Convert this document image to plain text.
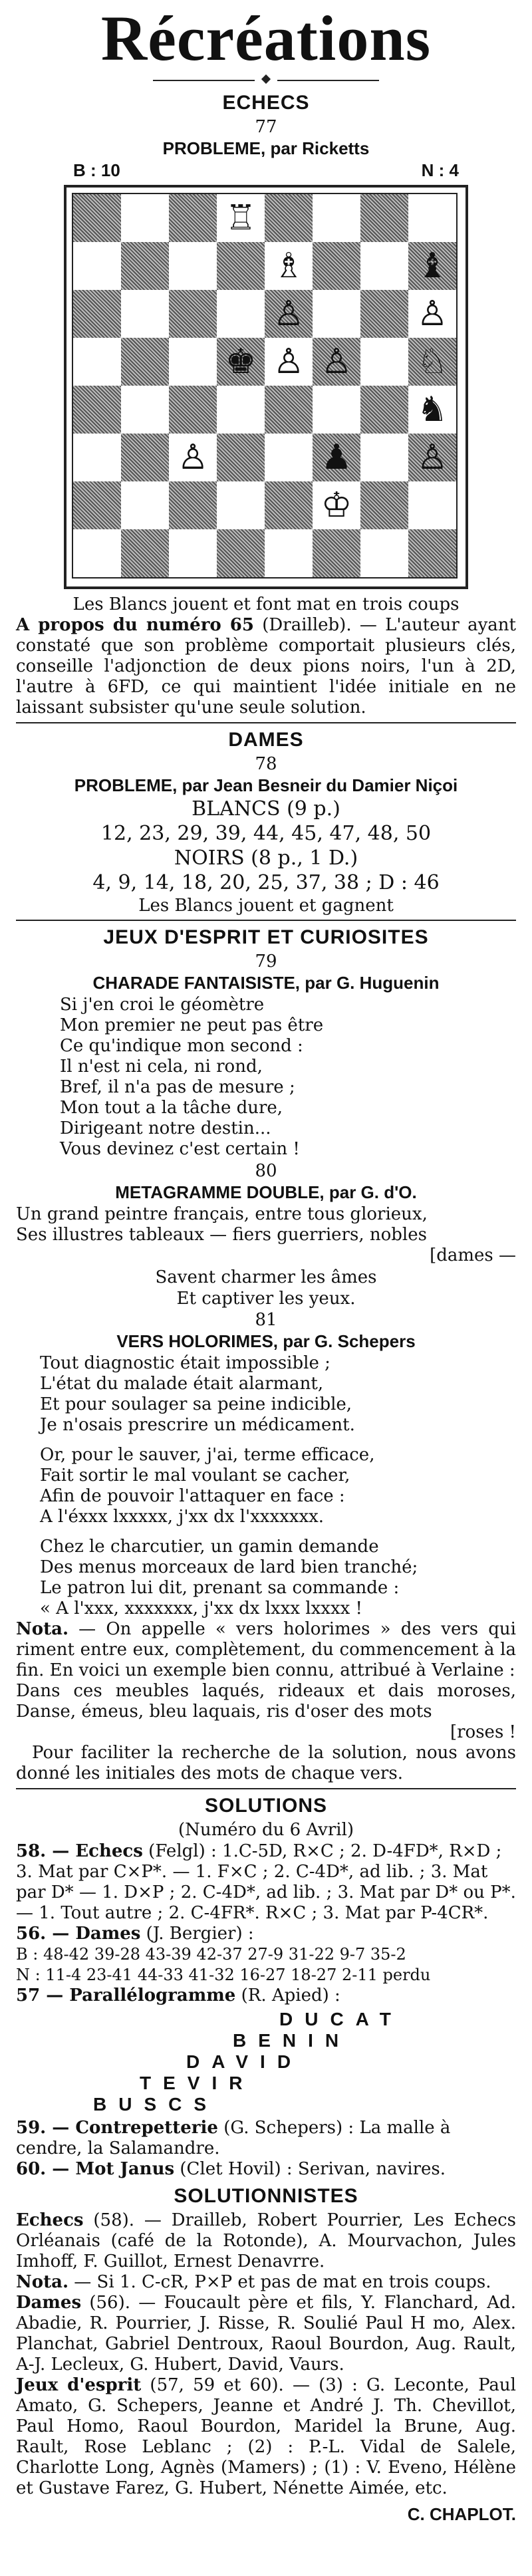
Récréations
ECHECS
77
PROBLEME, par Ricketts
B : 10	N : 4
♖
♗	♝
♙	♙
♚ ♙ ♙ ♘
♞
♙	♟ ♙
♔
Les Blancs jouent et font mat en trois coups
A propos du numéro 65 (Drailleb). — L'auteur ayant constaté que son problème comportait plusieurs clés, conseille l'adjonction de deux pions noirs, l'un à 2D, l'autre à 6FD, ce qui maintient l'idée initiale en ne laissant subsister qu'une seule solution.
DAMES
78
PROBLEME, par Jean Besneir du Damier Niçoi
BLANCS (9 p.)
12, 23, 29, 39, 44, 45, 47, 48, 50
NOIRS (8 p., 1 D.)
4, 9, 14, 18, 20, 25, 37, 38 ; D : 46
Les Blancs jouent et gagnent
JEUX D'ESPRIT ET CURIOSITES
79
CHARADE FANTAISISTE, par G. Huguenin
Si j'en croi le géomètre
Mon premier ne peut pas être
Ce qu'indique mon second :
Il n'est ni cela, ni rond,
Bref, il n'a pas de mesure ;
Mon tout a la tâche dure,
Dirigeant notre destin...
Vous devinez c'est certain !
80
METAGRAMME DOUBLE, par G. d'O.
Un grand peintre français, entre tous glorieux,
Ses illustres tableaux — fiers guerriers, nobles
[dames —
Savent charmer les âmes
Et captiver les yeux.
81
VERS HOLORIMES, par G. Schepers
Tout diagnostic était impossible ;
L'état du malade était alarmant,
Et pour soulager sa peine indicible,
Je n'osais prescrire un médicament.
Or, pour le sauver, j'ai, terme efficace,
Fait sortir le mal voulant se cacher,
Afin de pouvoir l'attaquer en face :
A l'éxxx lxxxxx, j'xx dx l'xxxxxxx.
Chez le charcutier, un gamin demande
Des menus morceaux de lard bien tranché;
Le patron lui dit, prenant sa commande :
« A l'xxx, xxxxxxx, j'xx dx lxxx lxxxx !
Nota. — On appelle « vers holorimes » des vers qui riment entre eux, complètement, du commencement à la fin. En voici un exemple bien connu, attribué à Verlaine :
Dans ces meubles laqués, rideaux et dais moroses, Danse, émeus, bleu laquais, ris d'oser des mots
[roses !
Pour faciliter la recherche de la solution, nous avons donné les initiales des mots de chaque vers.
SOLUTIONS
(Numéro du 6 Avril)
58. — Echecs (Felgl) : 1.C-5D, R×C ; 2. D-4FD*, R×D ; 3. Mat par C×P*. — 1. F×C ; 2. C-4D*, ad lib. ; 3. Mat par D* — 1. D×P ; 2. C-4D*, ad lib. ; 3. Mat par D* ou P*. — 1. Tout autre ; 2. C-4FR*. R×C ; 3. Mat par P-4CR*.
56. — Dames (J. Bergier) :
B : 48-42 39-28 43-39 42-37 27-9 31-22 9-7 35-2
N : 11-4 23-41 44-33 41-32 16-27 18-27 2-11 perdu
57 — Parallélogramme (R. Apied) :
DUCAT
BENIN
DAVID
TEVIR
BUSCS
59. — Contrepetterie (G. Schepers) : La malle à cendre, la Salamandre.
60. — Mot Janus (Clet Hovil) : Serivan, navires.
SOLUTIONNISTES
Echecs (58). — Drailleb, Robert Pourrier, Les Echecs Orléanais (café de la Rotonde), A. Mourvachon, Jules Imhoff, F. Guillot, Ernest Denavrre.
Nota. — Si 1. C-cR, P×P et pas de mat en trois coups.
Dames (56). — Foucault père et fils, Y. Flanchard, Ad. Abadie, R. Pourrier, J. Risse, R. Soulié Paul H mo, Alex. Planchat, Gabriel Dentroux, Raoul Bourdon, Aug. Rault, A-J. Lecleux, G. Hubert, David, Vaurs.
Jeux d'esprit (57, 59 et 60). — (3) : G. Leconte, Paul Amato, G. Schepers, Jeanne et André J. Th. Chevillot, Paul Homo, Raoul Bourdon, Maridel la Brune, Aug. Rault, Rose Leblanc ; (2) : P.-L. Vidal de Salele, Charlotte Long, Agnès (Mamers) ; (1) : V. Eveno, Hélène et Gustave Farez, G. Hubert, Nénette Aimée, etc.
C. CHAPLOT.
